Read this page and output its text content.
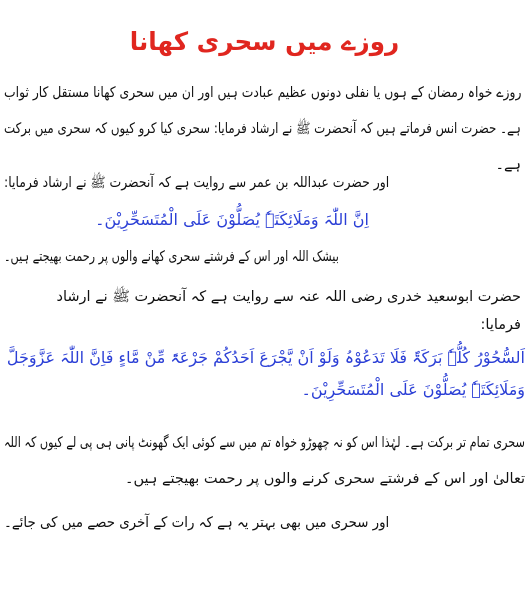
روزے میں سحری کھانا
روزے خواہ رمضان کے ہوں یا نفلی دونوں عظیم عبادت ہیں اور ان میں سحری کھانا مستقل کار ثواب
ہے۔ حضرت انس فرماتے ہیں کہ آنحضرت ﷺ نے ارشاد فرمایا: سحری کیا کرو کیوں کہ سحری میں برکت
ہے۔
اور حضرت عبداللہ بن عمر سے روایت ہے کہ آنحضرت ﷺ نے ارشاد فرمایا:
اِنَّ اللّٰہَ وَمَلَائِکَتَہٗ یُصَلُّوْنَ عَلَی الْمُتَسَحِّرِیْنَ۔
بیشک اللہ اور اس کے فرشتے سحری کھانے والوں پر رحمت بھیجتے ہیں۔
حضرت ابوسعید خدری رضی اللہ عنہ سے روایت ہے کہ آنحضرت ﷺ نے ارشاد
فرمایا:
اَلسُّحُوْرُ کُلُّہٗ بَرَکَۃٌ فَلَا تَدَعُوْہُ وَلَوْ اَنْ یَّجْرَعَ اَحَدُکُمْ جَرْعَۃً مِّنْ مَّاءٍ فَاِنَّ اللّٰہَ عَزَّوَجَلَّ
وَمَلَائِکَتَہٗ یُصَلُّوْنَ عَلَی الْمُتَسَحِّرِیْنَ۔
سحری تمام تر برکت ہے۔ لہٰذا اس کو نہ چھوڑو خواہ تم میں سے کوئی ایک گھونٹ پانی ہی پی لے کیوں کہ اللہ
تعالیٰ اور اس کے فرشتے سحری کرنے والوں پر رحمت بھیجتے ہیں۔
اور سحری میں بھی بہتر یہ ہے کہ رات کے آخری حصے میں کی جائے۔
